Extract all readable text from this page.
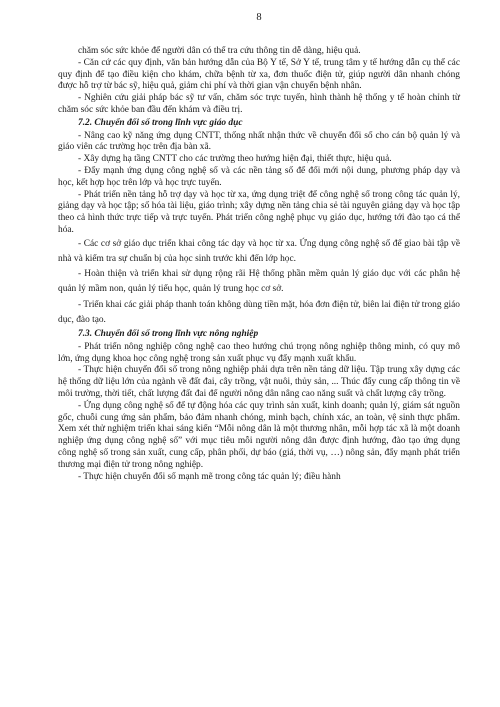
8

chăm sóc sức khỏe để người dân có thể tra cứu thông tin dễ dàng, hiệu quả.

- Căn cứ các quy định, văn bản hướng dẫn của Bộ Y tế, Sở Y tế, trung tâm y tế hướng dẫn cụ thể các quy định để tạo điều kiện cho khám, chữa bệnh từ xa, đơn thuốc điện tử, giúp người dân nhanh chóng được hỗ trợ từ bác sỹ, hiệu quả, giảm chi phí và thời gian vận chuyển bệnh nhân.

- Nghiên cứu giải pháp bác sỹ tư vấn, chăm sóc trực tuyến, hình thành hệ thống y tế hoàn chỉnh từ chăm sóc sức khỏe ban đầu đến khám và điều trị.

7.2. Chuyển đổi số trong lĩnh vực giáo dục

- Nâng cao kỹ năng ứng dụng CNTT, thống nhất nhận thức về chuyển đổi số cho cán bộ quản lý và giáo viên các trường học trên địa bàn xã.

- Xây dựng hạ tầng CNTT cho các trường theo hướng hiện đại, thiết thực, hiệu quả.

- Đẩy mạnh ứng dụng công nghệ số và các nền tảng số để đổi mới nội dung, phương pháp dạy và học, kết hợp học trên lớp và học trực tuyến.

- Phát triển nền tảng hỗ trợ dạy và học từ xa, ứng dụng triệt để công nghệ số trong công tác quản lý, giảng dạy và học tập; số hóa tài liệu, giáo trình; xây dựng nền tảng chia sẻ tài nguyên giảng dạy và học tập theo cả hình thức trực tiếp và trực tuyến. Phát triển công nghệ phục vụ giáo dục, hướng tới đào tạo cá thể hóa.

- Các cơ sở giáo dục triển khai công tác dạy và học từ xa. Ứng dụng công nghệ số để giao bài tập về nhà và kiểm tra sự chuẩn bị của học sinh trước khi đến lớp học.

- Hoàn thiện và triển khai sử dụng rộng rãi Hệ thống phần mềm quản lý giáo dục với các phân hệ quản lý mầm non, quản lý tiểu học, quản lý trung học cơ sở.

- Triển khai các giải pháp thanh toán không dùng tiền mặt, hóa đơn điện tử, biên lai điện tử trong giáo dục, đào tạo.

7.3. Chuyển đổi số trong lĩnh vực nông nghiệp

- Phát triển nông nghiệp công nghệ cao theo hướng chú trọng nông nghiệp thông minh, có quy mô lớn, ứng dụng khoa học công nghệ trong sản xuất phục vụ đẩy mạnh xuất khẩu.

- Thực hiện chuyển đổi số trong nông nghiệp phải dựa trên nền tảng dữ liệu. Tập trung xây dựng các hệ thống dữ liệu lớn của ngành về đất đai, cây trồng, vật nuôi, thủy sản, ... Thúc đẩy cung cấp thông tin về môi trường, thời tiết, chất lượng đất đai để người nông dân nâng cao năng suất và chất lượng cây trồng.

- Ứng dụng công nghệ số để tự động hóa các quy trình sản xuất, kinh doanh; quản lý, giám sát nguồn gốc, chuỗi cung ứng sản phẩm, bảo đảm nhanh chóng, minh bạch, chính xác, an toàn, vệ sinh thực phẩm. Xem xét thử nghiệm triển khai sáng kiến “Mỗi nông dân là một thương nhân, mỗi hợp tác xã là một doanh nghiệp ứng dụng công nghệ số” với mục tiêu mỗi người nông dân được định hướng, đào tạo ứng dụng công nghệ số trong sản xuất, cung cấp, phân phối, dự báo (giá, thời vụ, …) nông sản, đẩy mạnh phát triển thương mại điện tử trong nông nghiệp.

- Thực hiện chuyển đổi số mạnh mẽ trong công tác quản lý; điều hành
